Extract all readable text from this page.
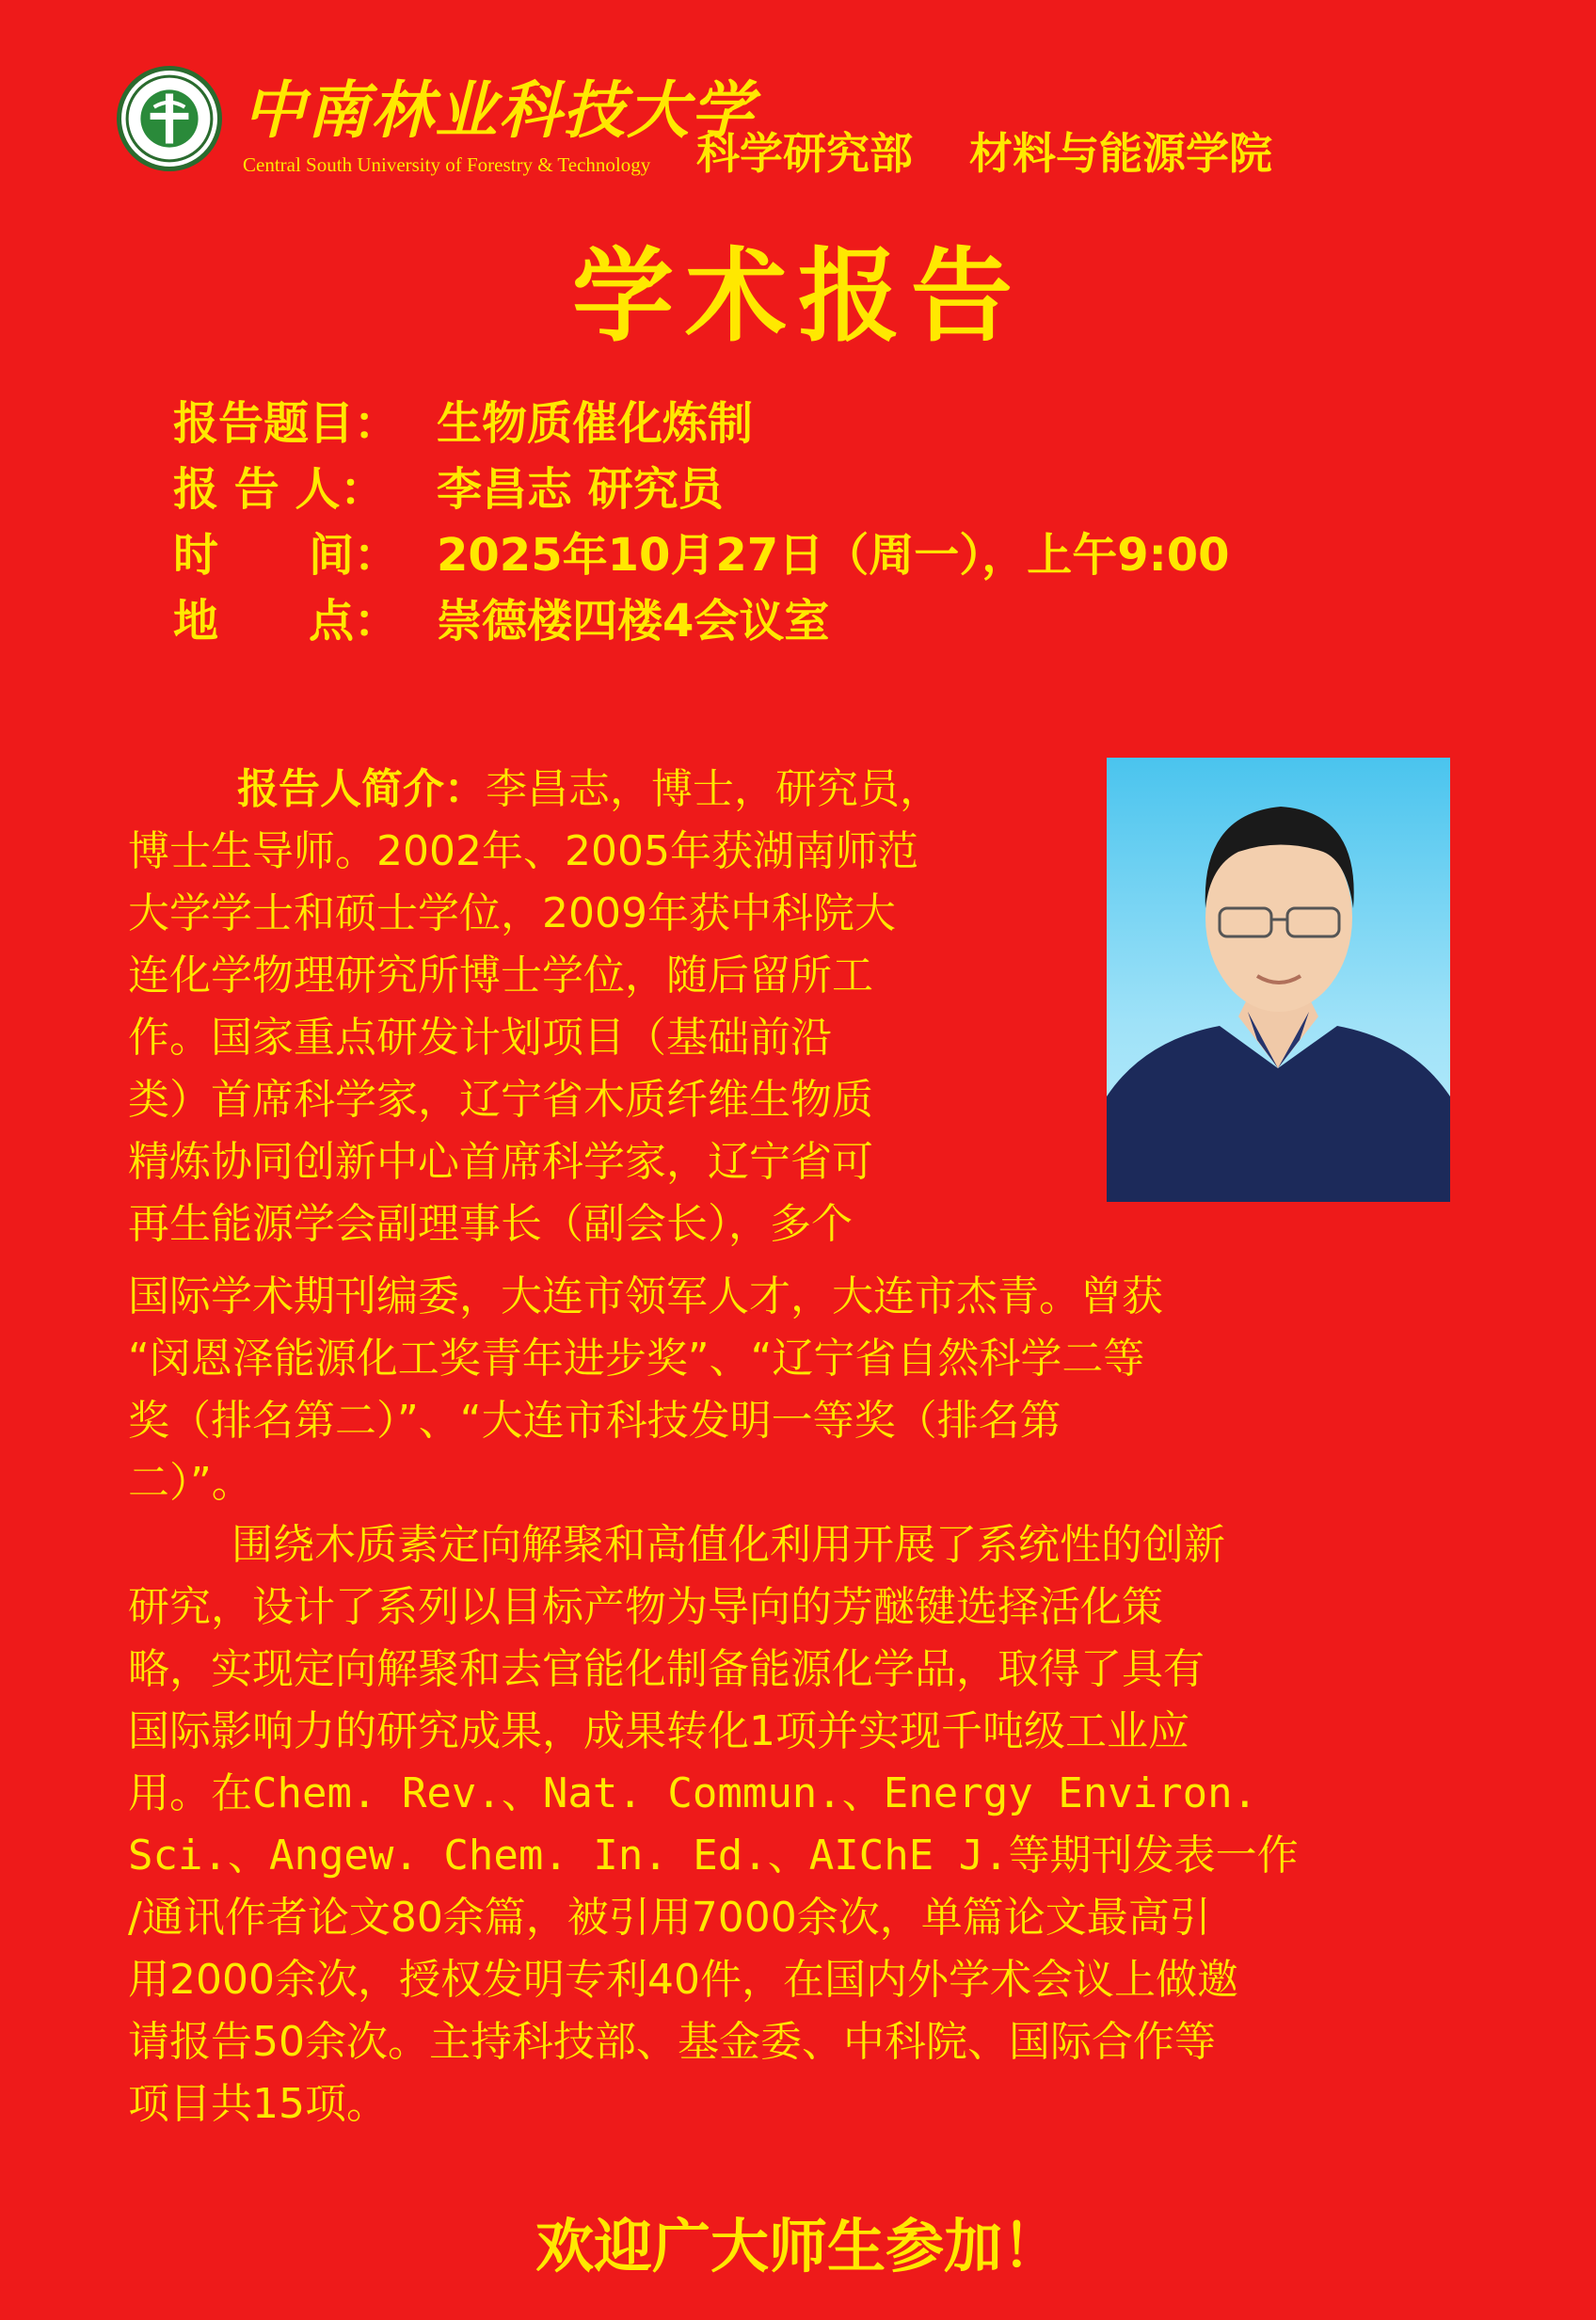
中南林业科技大学
Central South University of Forestry & Technology 科学研究部 材料与能源学院
学术报告
报告题目： 生物质催化炼制
报 告 人： 李昌志 研究员
时　　间： 2025年10月27日（周一），上午9:00
地　　点： 崇德楼四楼4会议室
报告人简介：李昌志，博士，研究员，
博士生导师。2002年、2005年获湖南师范
大学学士和硕士学位，2009年获中科院大
连化学物理研究所博士学位，随后留所工
作。国家重点研发计划项目（基础前沿
类）首席科学家，辽宁省木质纤维生物质
精炼协同创新中心首席科学家，辽宁省可
再生能源学会副理事长（副会长），多个
国际学术期刊编委，大连市领军人才，大连市杰青。曾获
“闵恩泽能源化工奖青年进步奖”、“辽宁省自然科学二等
奖（排名第二）”、“大连市科技发明一等奖（排名第
二）”。
围绕木质素定向解聚和高值化利用开展了系统性的创新
研究，设计了系列以目标产物为导向的芳醚键选择活化策
略，实现定向解聚和去官能化制备能源化学品，取得了具有
国际影响力的研究成果，成果转化1项并实现千吨级工业应
用。在Chem. Rev.、Nat. Commun.、Energy Environ.
Sci.、Angew. Chem. In. Ed.、AIChE J.等期刊发表一作
/通讯作者论文80余篇，被引用7000余次，单篇论文最高引
用2000余次，授权发明专利40件，在国内外学术会议上做邀
请报告50余次。主持科技部、基金委、中科院、国际合作等
项目共15项。
欢迎广大师生参加！
